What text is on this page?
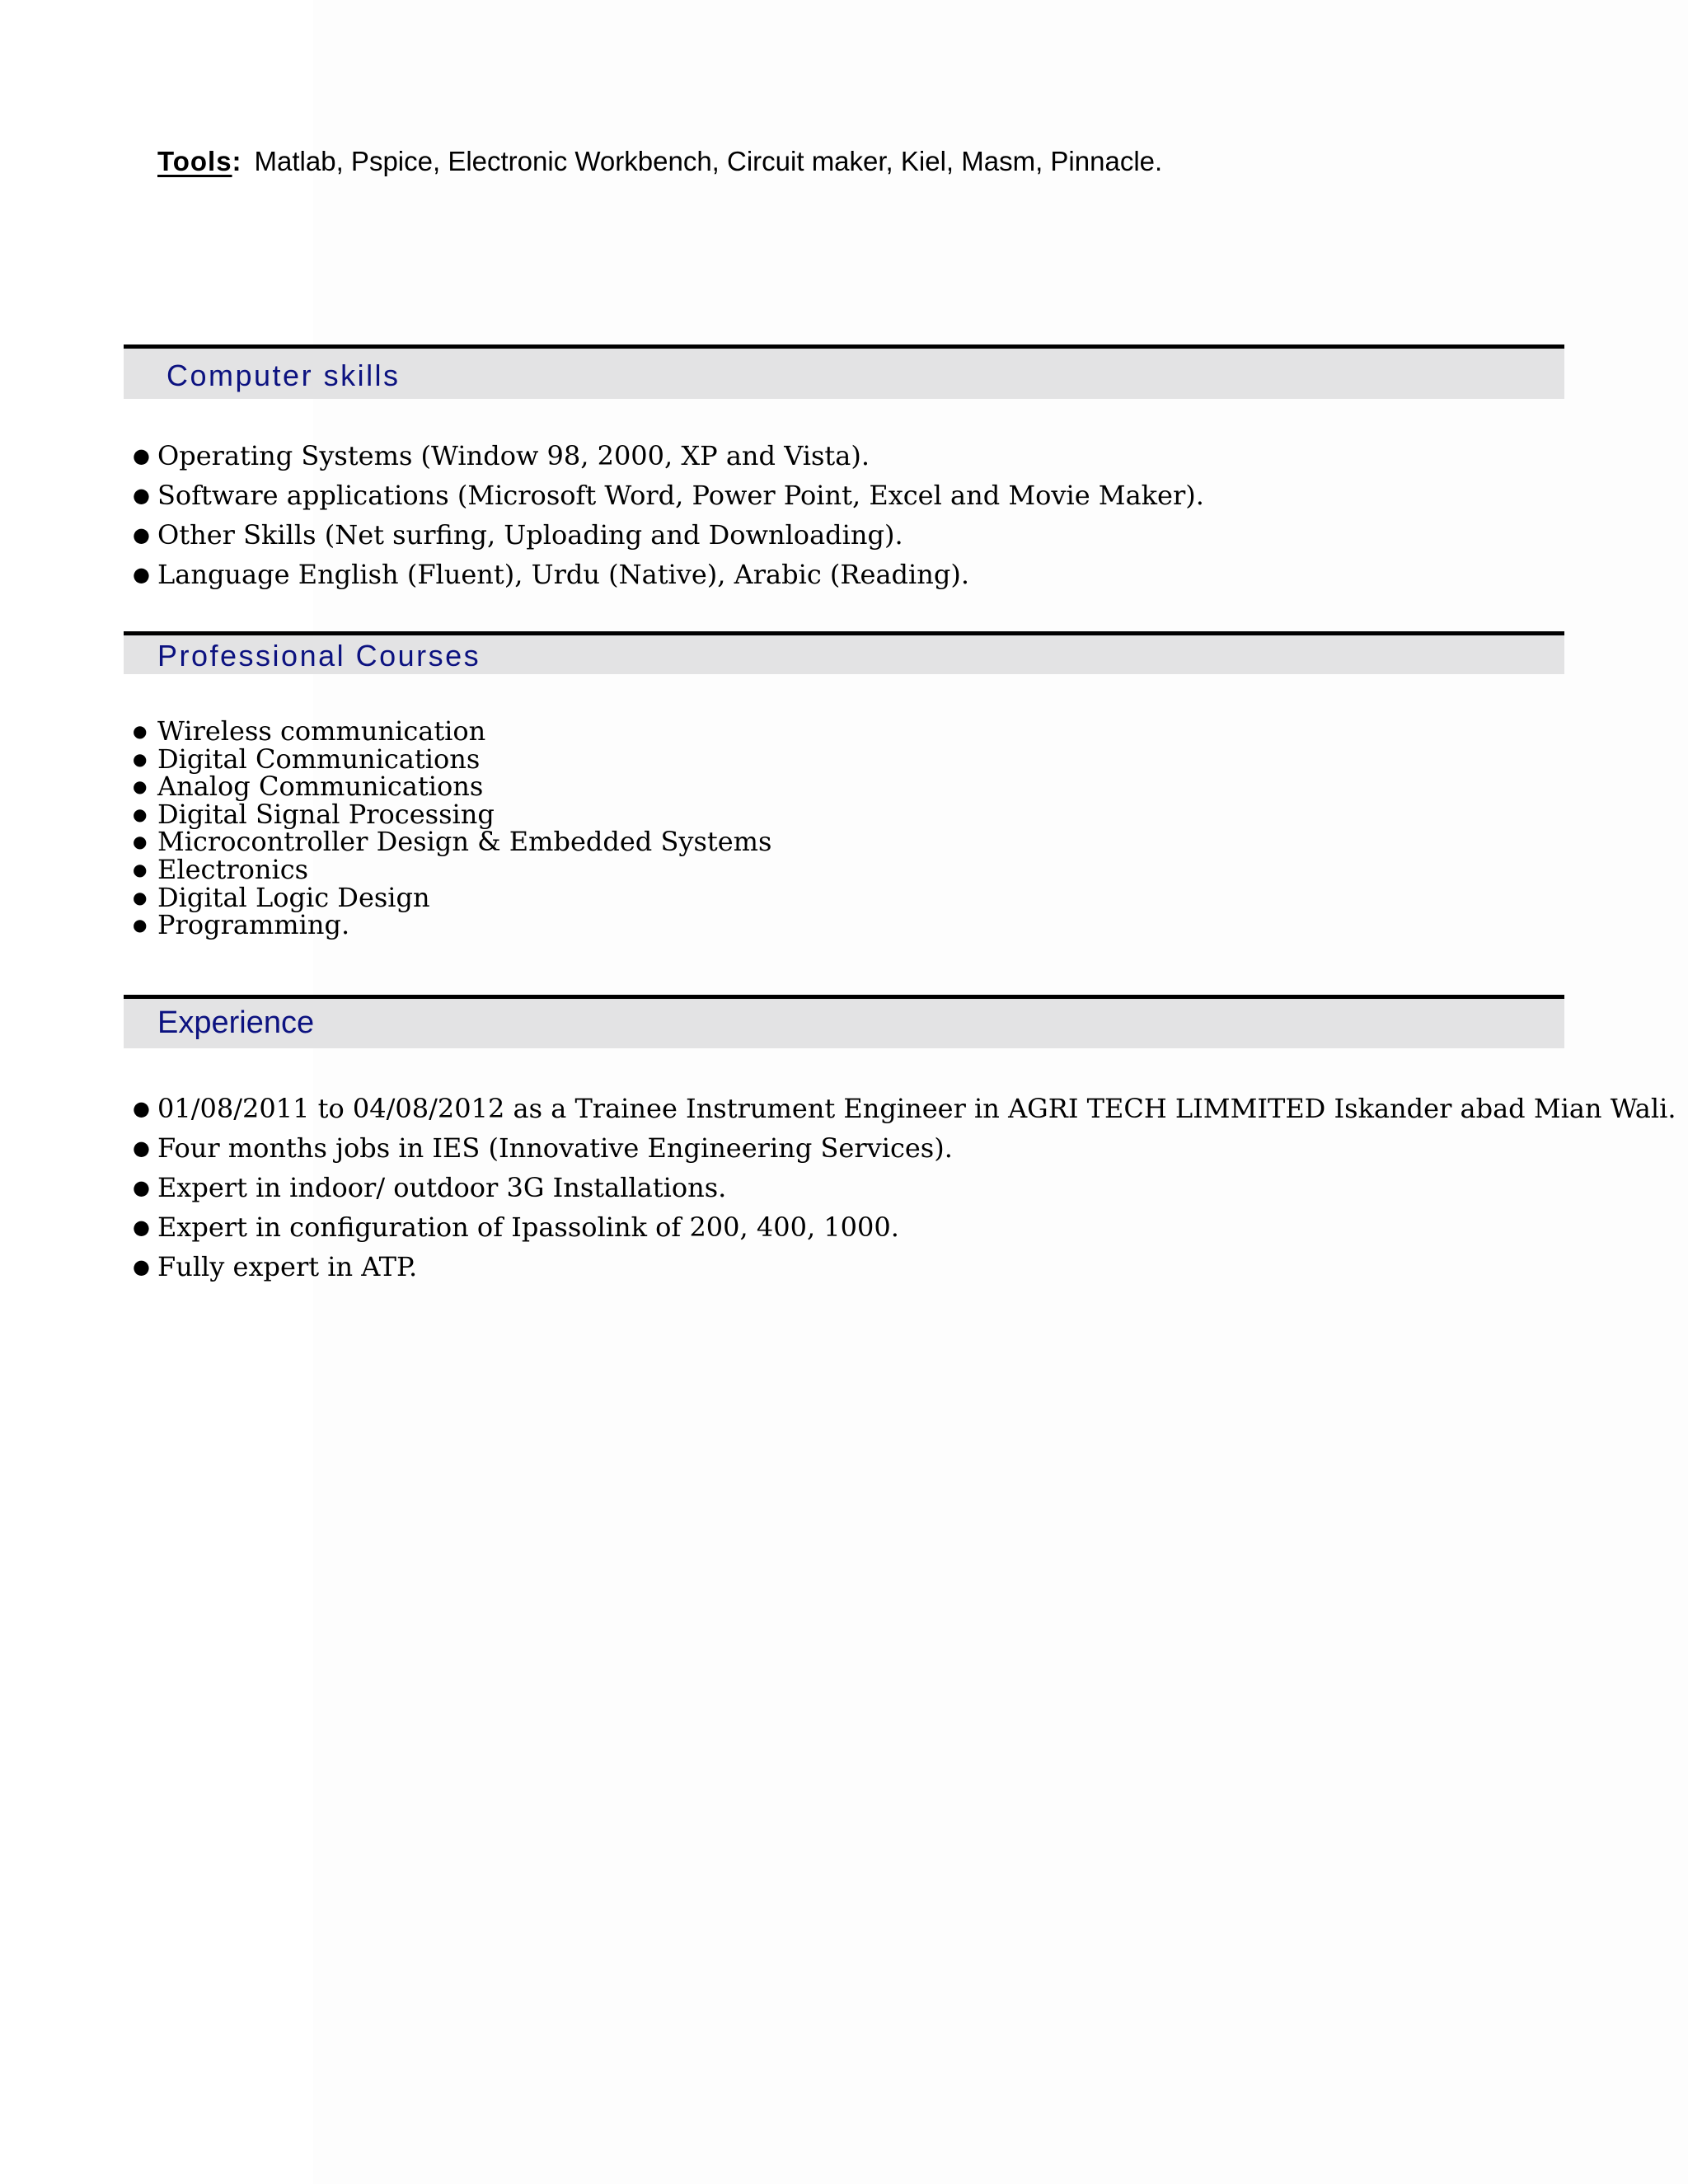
Tools: Matlab, Pspice, Electronic Workbench, Circuit maker, Kiel, Masm, Pinnacle.
Computer skills
● Operating Systems (Window 98, 2000, XP and Vista).
● Software applications (Microsoft Word, Power Point, Excel and Movie Maker).
● Other Skills (Net surfing, Uploading and Downloading).
● Language English (Fluent), Urdu (Native), Arabic (Reading).
Professional Courses
● Wireless communication
● Digital Communications
● Analog Communications
● Digital Signal Processing
● Microcontroller Design & Embedded Systems
● Electronics
● Digital Logic Design
● Programming.
Experience
● 01/08/2011 to 04/08/2012 as a Trainee Instrument Engineer in AGRI TECH LIMMITED Iskander abad Mian Wali.
● Four months jobs in IES (Innovative Engineering Services).
● Expert in indoor/ outdoor 3G Installations.
● Expert in configuration of Ipassolink of 200, 400, 1000.
● Fully expert in ATP.
